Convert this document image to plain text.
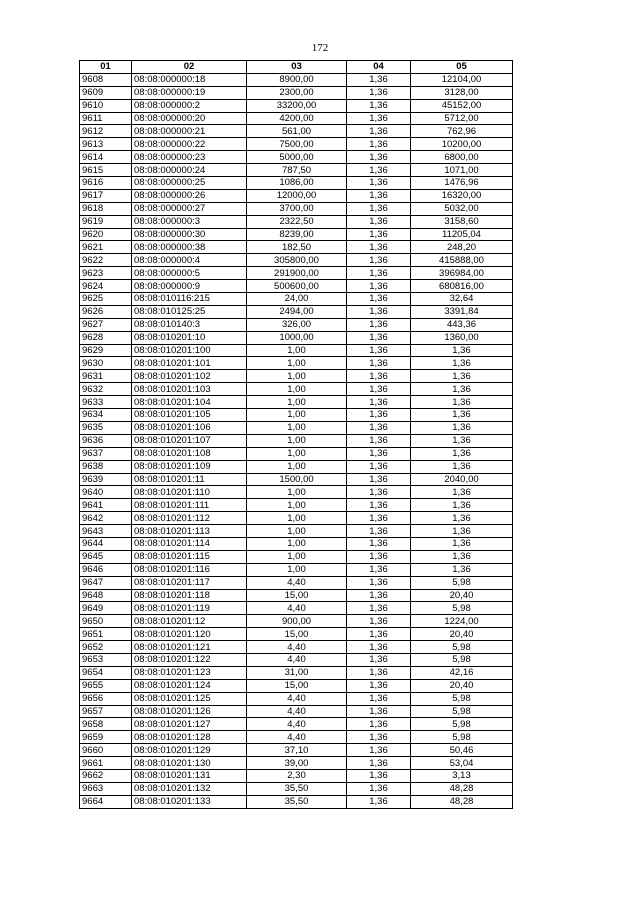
172
01	02	03	04	05
9608	08:08:000000:18	8900,00	1,36	12104,00
9609	08:08:000000:19	2300,00	1,36	3128,00
9610	08:08:000000:2	33200,00	1,36	45152,00
9611	08:08:000000:20	4200,00	1,36	5712,00
9612	08:08:000000:21	561,00	1,36	762,96
9613	08:08:000000:22	7500,00	1,36	10200,00
9614	08:08:000000:23	5000,00	1,36	6800,00
9615	08:08:000000:24	787,50	1,36	1071,00
9616	08:08:000000:25	1086,00	1,36	1476,96
9617	08:08:000000:26	12000,00	1,36	16320,00
9618	08:08:000000:27	3700,00	1,36	5032,00
9619	08:08:000000:3	2322,50	1,36	3158,60
9620	08:08:000000:30	8239,00	1,36	11205,04
9621	08:08:000000:38	182,50	1,36	248,20
9622	08:08:000000:4	305800,00	1,36	415888,00
9623	08:08:000000:5	291900,00	1,36	396984,00
9624	08:08:000000:9	500600,00	1,36	680816,00
9625	08:08:010116:215	24,00	1,36	32,64
9626	08:08:010125:25	2494,00	1,36	3391,84
9627	08:08:010140:3	326,00	1,36	443,36
9628	08:08:010201:10	1000,00	1,36	1360,00
9629	08:08:010201:100	1,00	1,36	1,36
9630	08:08:010201:101	1,00	1,36	1,36
9631	08:08:010201:102	1,00	1,36	1,36
9632	08:08:010201:103	1,00	1,36	1,36
9633	08:08:010201:104	1,00	1,36	1,36
9634	08:08:010201:105	1,00	1,36	1,36
9635	08:08:010201:106	1,00	1,36	1,36
9636	08:08:010201:107	1,00	1,36	1,36
9637	08:08:010201:108	1,00	1,36	1,36
9638	08:08:010201:109	1,00	1,36	1,36
9639	08:08:010201:11	1500,00	1,36	2040,00
9640	08:08:010201:110	1,00	1,36	1,36
9641	08:08:010201:111	1,00	1,36	1,36
9642	08:08:010201:112	1,00	1,36	1,36
9643	08:08:010201:113	1,00	1,36	1,36
9644	08:08:010201:114	1,00	1,36	1,36
9645	08:08:010201:115	1,00	1,36	1,36
9646	08:08:010201:116	1,00	1,36	1,36
9647	08:08:010201:117	4,40	1,36	5,98
9648	08:08:010201:118	15,00	1,36	20,40
9649	08:08:010201:119	4,40	1,36	5,98
9650	08:08:010201:12	900,00	1,36	1224,00
9651	08:08:010201:120	15,00	1,36	20,40
9652	08:08:010201:121	4,40	1,36	5,98
9653	08:08:010201:122	4,40	1,36	5,98
9654	08:08:010201:123	31,00	1,36	42,16
9655	08:08:010201:124	15,00	1,36	20,40
9656	08:08:010201:125	4,40	1,36	5,98
9657	08:08:010201:126	4,40	1,36	5,98
9658	08:08:010201:127	4,40	1,36	5,98
9659	08:08:010201:128	4,40	1,36	5,98
9660	08:08:010201:129	37,10	1,36	50,46
9661	08:08:010201:130	39,00	1,36	53,04
9662	08:08:010201:131	2,30	1,36	3,13
9663	08:08:010201:132	35,50	1,36	48,28
9664	08:08:010201:133	35,50	1,36	48,28
